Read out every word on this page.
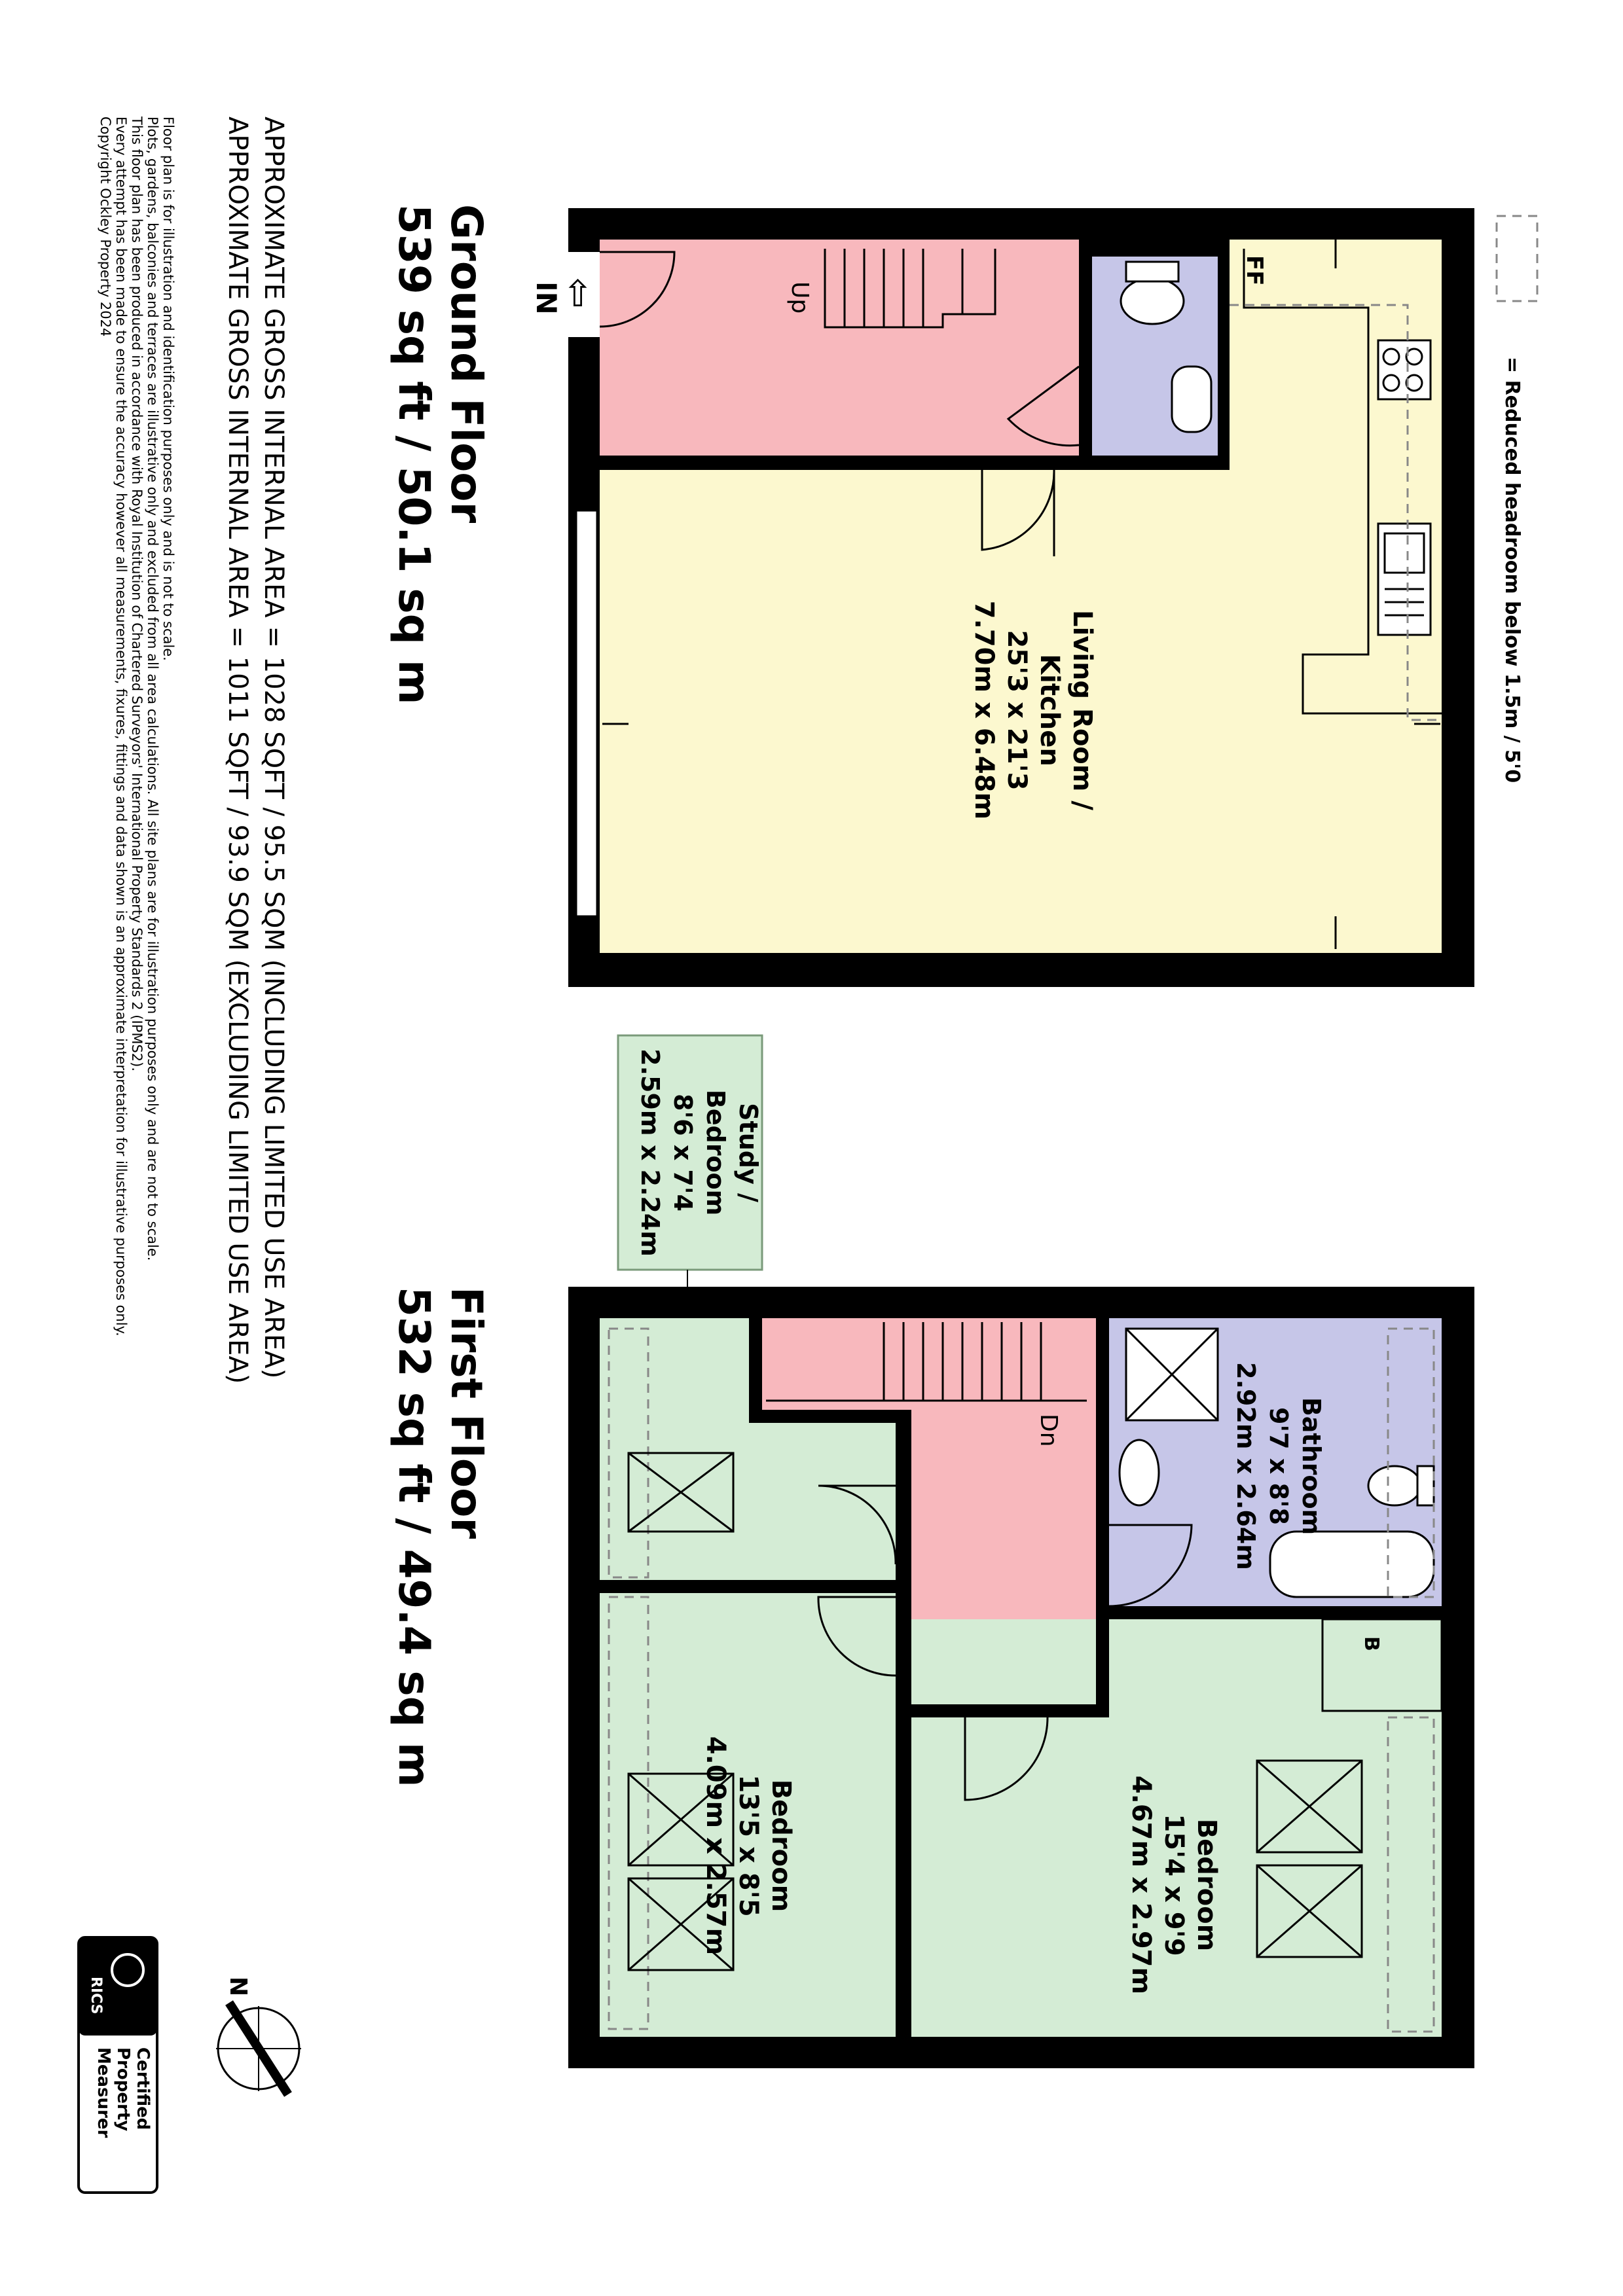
= Reduced headroom below 1.5m / 5'0
⇨
IN	Up
FF
Living Room /
Kitchen
25'3 x 21'3
7.70m x 6.48m
Ground Floor
539 sq ft / 50.1 sq m
Study /
Bedroom
8'6 x 7'4
2.59m x 2.24m
Dn
B
Bathroom
9'7 x 8'8
2.92m x 2.64m
Bedroom
15'4 x 9'9
4.67m x 2.97m
Bedroom
13'5 x 8'5
4.09m x 2.57m
First Floor
532 sq ft / 49.4 sq m
APPROXIMATE GROSS INTERNAL AREA = 1028 SQFT / 95.5 SQM (INCLUDING LIMITED USE AREA)
APPROXIMATE GROSS INTERNAL AREA = 1011 SQFT / 93.9 SQM (EXCLUDING LIMITED USE AREA)
Floor plan is for illustration and identification purposes only and is not to scale.
Plots, gardens, balconies and terraces are illustrative only and excluded from all area calculations. All site plans are for illustration purposes only and are not to scale.
This floor plan has been produced in accordance with Royal Institution of Chartered Surveyors' International Property Standards 2 (IPMS2).
Every attempt has been made to ensure the accuracy however all measurements, fixures, fittings and data shown is an approximate interpretation for illustrative purposes only.
Copyright Ockley Property 2024
N
RICS
Certified
Property
Measurer
